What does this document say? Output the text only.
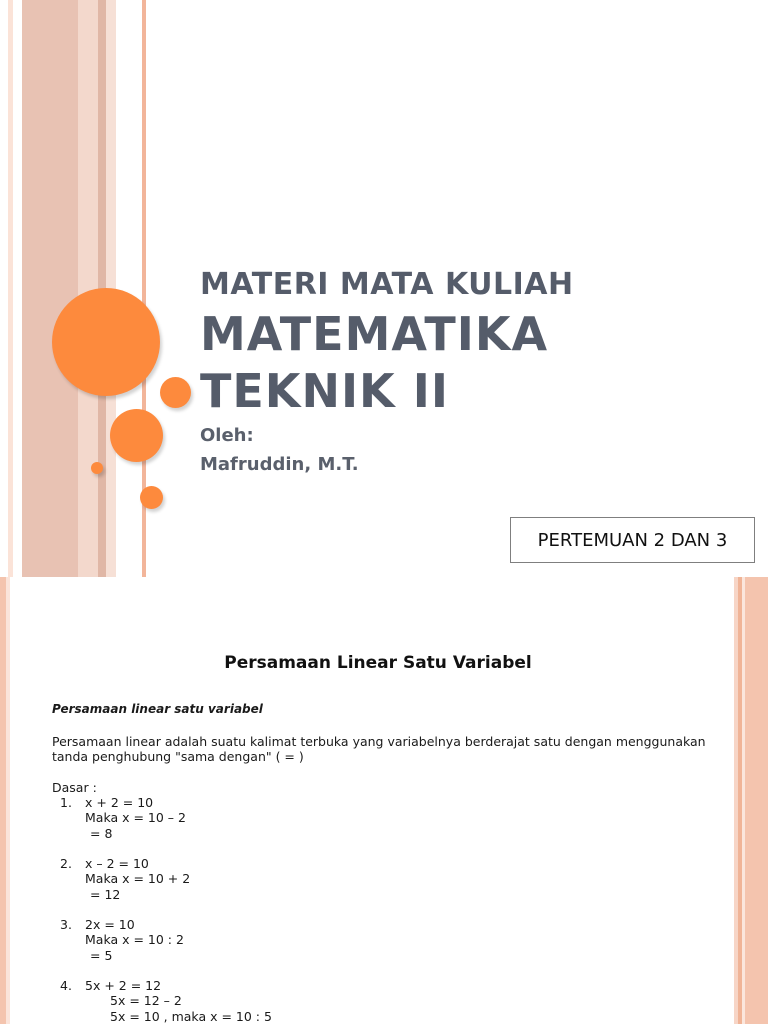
MATERI MATA KULIAH
MATEMATIKA
TEKNIK II
Oleh:
Mafruddin, M.T.
PERTEMUAN 2 DAN 3
Persamaan Linear Satu Variabel
Persamaan linear satu variabel
Persamaan linear adalah suatu kalimat terbuka yang variabelnya berderajat satu dengan menggunakan
tanda penghubung "sama dengan" ( = )
Dasar :
1. x + 2 = 10
Maka x = 10 – 2
= 8
2. x – 2 = 10
Maka x = 10 + 2
= 12
3. 2x = 10
Maka x = 10 : 2
= 5
4. 5x + 2 = 12
5x = 12 – 2
5x = 10 , maka x = 10 : 5
